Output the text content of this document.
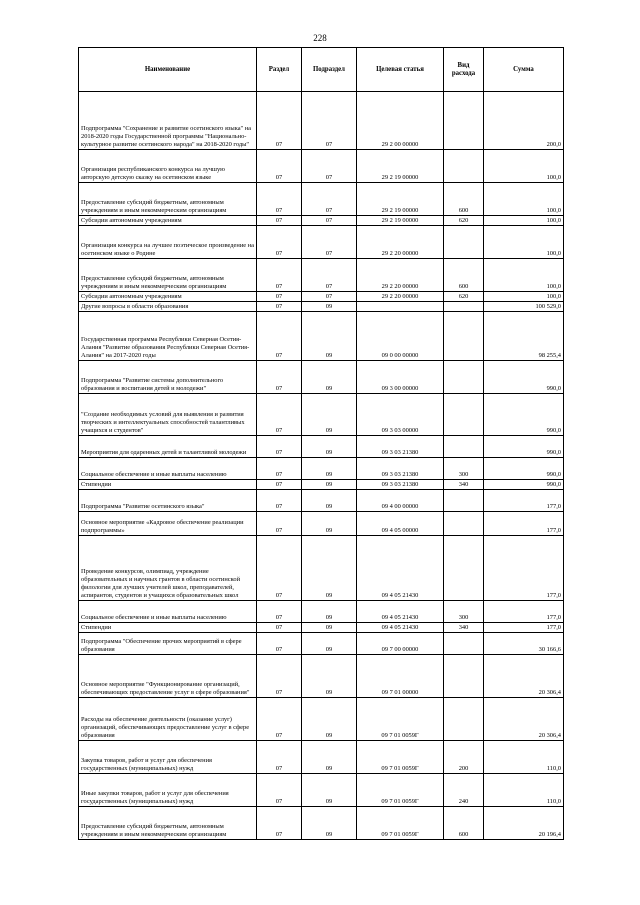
228
Наименование	Раздел	Подраздел	Целевая статья	Вид расхода	Сумма
Подпрограмма "Сохранение и развитие осетинского языка" на 2018-2020 годы Государственной программы "Национально-культурное развитие осетинского народа" на 2018-2020 годы"	07	07	29 2 00 00000		200,0
Организация республиканского конкурса на лучшую авторскую детскую сказку на осетинском языке	07	07	29 2 19 00000		100,0
Предоставление субсидий бюджетным, автономным учреждениям и иным некоммерческим организациям	07	07	29 2 19 00000	600	100,0
Субсидии автономным учреждениям	07	07	29 2 19 00000	620	100,0
Организация конкурса на лучшее поэтическое произведение на осетинском языке о Родине	07	07	29 2 20 00000		100,0
Предоставление субсидий бюджетным, автономным учреждениям и иным некоммерческим организациям	07	07	29 2 20 00000	600	100,0
Субсидии автономным учреждениям	07	07	29 2 20 00000	620	100,0
Другие вопросы в области образования	07	09			100 529,0
Государственная программа Республики Северная Осетия-Алания "Развитие образования Республики Северная Осетия-Алания" на 2017-2020 годы	07	09	09 0 00 00000		98 255,4
Подпрограмма "Развитие системы дополнительного образования и воспитания детей и молодежи"	07	09	09 3 00 00000		990,0
"Создание необходимых условий для выявления и развития творческих и интеллектуальных способностей талантливых учащихся и студентов"	07	09	09 3 03 00000		990,0
Мероприятия для одаренных детей и талантливой молодежи	07	09	09 3 03 21380		990,0
Социальное обеспечение и иные выплаты населению	07	09	09 3 03 21380	300	990,0
Стипендии	07	09	09 3 03 21380	340	990,0
Подпрограмма "Развитие осетинского языка"	07	09	09 4 00 00000		177,0
Основное мероприятие «Кадровое обеспечение реализации подпрограммы»	07	09	09 4 05 00000		177,0
Проведение конкурсов, олимпиад, учреждение образовательных и научных грантов в области осетинской филологии для лучших учителей школ, преподавателей, аспирантов, студентов и учащихся образовательных школ	07	09	09 4 05 21430		177,0
Социальное обеспечение и иные выплаты населению	07	09	09 4 05 21430	300	177,0
Стипендии	07	09	09 4 05 21430	340	177,0
Подпрограмма "Обеспечение прочих мероприятий в сфере образования	07	09	09 7 00 00000		30 166,6
Основное мероприятие "Функционирование организаций, обеспечивающих предоставление услуг в сфере образования"	07	09	09 7 01 00000		20 306,4
Расходы на обеспечение деятельности (оказание услуг) организаций, обеспечивающих предоставление услуг в сфере образования	07	09	09 7 01 0059Г		20 306,4
Закупка товаров, работ и услуг для обеспечения государственных (муниципальных) нужд	07	09	09 7 01 0059Г	200	110,0
Иные закупки товаров, работ и услуг для обеспечения государственных (муниципальных) нужд	07	09	09 7 01 0059Г	240	110,0
Предоставление субсидий бюджетным, автономным учреждениям и иным некоммерческим организациям	07	09	09 7 01 0059Г	600	20 196,4
